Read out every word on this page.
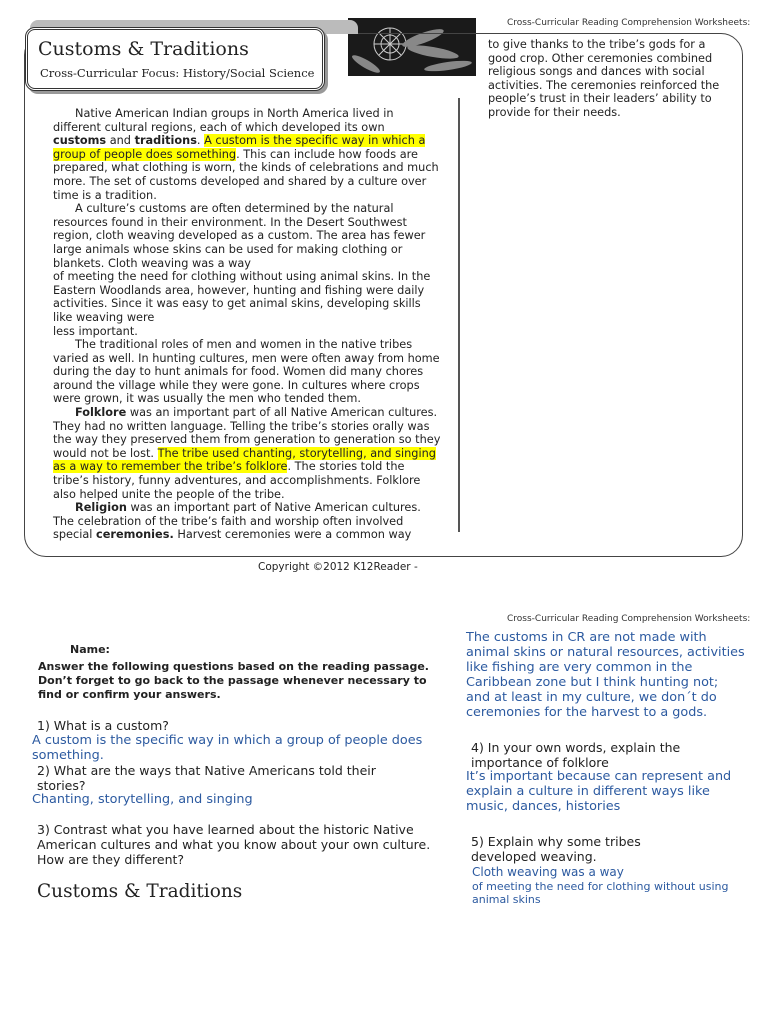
Cross-Curricular Reading Comprehension Worksheets:
Customs & Traditions
Cross-Curricular Focus: History/Social Science

Native American Indian groups in North America lived in different cultural regions, each of which developed its own customs and traditions. A custom is the specific way in which a group of people does something. This can include how foods are prepared, what clothing is worn, the kinds of celebrations and much more. The set of customs developed and shared by a culture over time is a tradition.

A culture’s customs are often determined by the natural resources found in their environment. In the Desert Southwest region, cloth weaving developed as a custom. The area has fewer large animals whose skins can be used for making clothing or blankets. Cloth weaving was a way

of meeting the need for clothing without using animal skins. In the Eastern Woodlands area, however, hunting and fishing were daily activities. Since it was easy to get animal skins, developing skills like weaving were

less important.

The traditional roles of men and women in the native tribes varied as well. In hunting cultures, men were often away from home during the day to hunt animals for food. Women did many chores around the village while they were gone. In cultures where crops were grown, it was usually the men who tended them.

Folklore was an important part of all Native American cultures. They had no written language. Telling the tribe’s stories orally was the way they preserved them from generation to generation so they would not be lost. The tribe used chanting, storytelling, and singing as a way to remember the tribe’s folklore. The stories told the tribe’s history, funny adventures, and accomplishments. Folklore also helped unite the people of the tribe.

Religion was an important part of Native American cultures. The celebration of the tribe’s faith and worship often involved special ceremonies. Harvest ceremonies were a common way

to give thanks to the tribe’s gods for a good crop. Other ceremonies combined religious songs and dances with social activities. The ceremonies reinforced the people’s trust in their leaders’ ability to provide for their needs.
Copyright ©2012 K12Reader -
Cross-Curricular Reading Comprehension Worksheets:
Name:
Answer the following questions based on the reading passage. Don’t forget to go back to the passage whenever necessary to find or confirm your answers.
1) What is a custom?
A custom is the specific way in which a group of people does something.
2) What are the ways that Native Americans told their stories?
Chanting, storytelling, and singing
3) Contrast what you have learned about the historic Native American cultures and what you know about your own culture. How are they different?
Customs & Traditions
The customs in CR are not made with animal skins or natural resources, activities like fishing are very common in the Caribbean zone but I think hunting not; and at least in my culture, we don´t do ceremonies for the harvest to a gods.
4) In your own words, explain the importance of folklore
It’s important because can represent and explain a culture in different ways like music, dances, histories
5) Explain why some tribes developed weaving.
Cloth weaving was a way
of meeting the need for clothing without using animal skins
